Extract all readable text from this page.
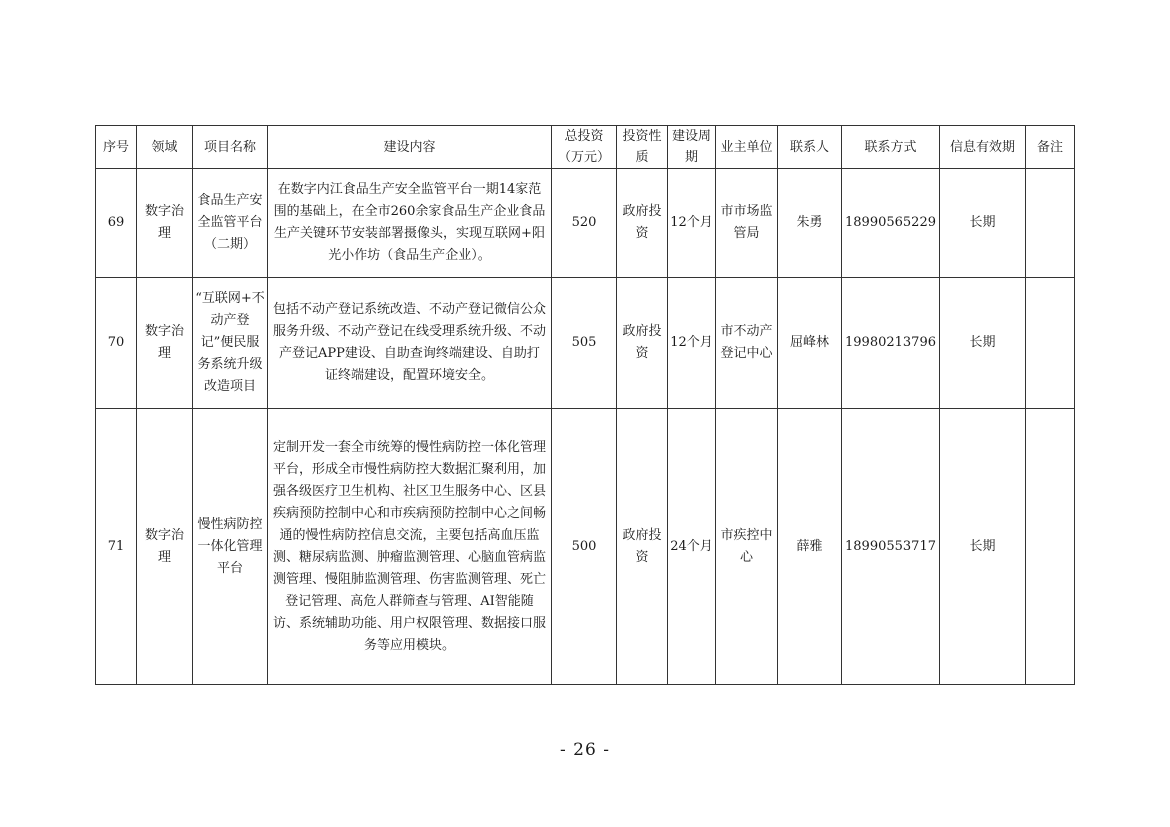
序号	领域	项目名称	建设内容	总投资（万元）	投资性质	建设周期	业主单位	联系人	联系方式	信息有效期	备注
69	数字治理	食品生产安全监管平台（二期）	在数字内江食品生产安全监管平台一期14家范围的基础上，在全市260余家食品生产企业食品生产关键环节安装部署摄像头，实现互联网+阳光小作坊（食品生产企业）。	520	政府投资	12个月	市市场监管局	朱勇	18990565229	长期	
70	数字治理	“互联网+不动产登记”便民服务系统升级改造项目	包括不动产登记系统改造、不动产登记微信公众服务升级、不动产登记在线受理系统升级、不动产登记APP建设、自助查询终端建设、自助打证终端建设，配置环境安全。	505	政府投资	12个月	市不动产登记中心	屈峰林	19980213796	长期	
71	数字治理	慢性病防控一体化管理平台	定制开发一套全市统筹的慢性病防控一体化管理平台，形成全市慢性病防控大数据汇聚利用，加强各级医疗卫生机构、社区卫生服务中心、区县疾病预防控制中心和市疾病预防控制中心之间畅通的慢性病防控信息交流，主要包括高血压监测、糖尿病监测、肿瘤监测管理、心脑血管病监测管理、慢阻肺监测管理、伤害监测管理、死亡登记管理、高危人群筛查与管理、AI智能随访、系统辅助功能、用户权限管理、数据接口服务等应用模块。	500	政府投资	24个月	市疾控中心	薛雅	18990553717	长期	
- 26 -
